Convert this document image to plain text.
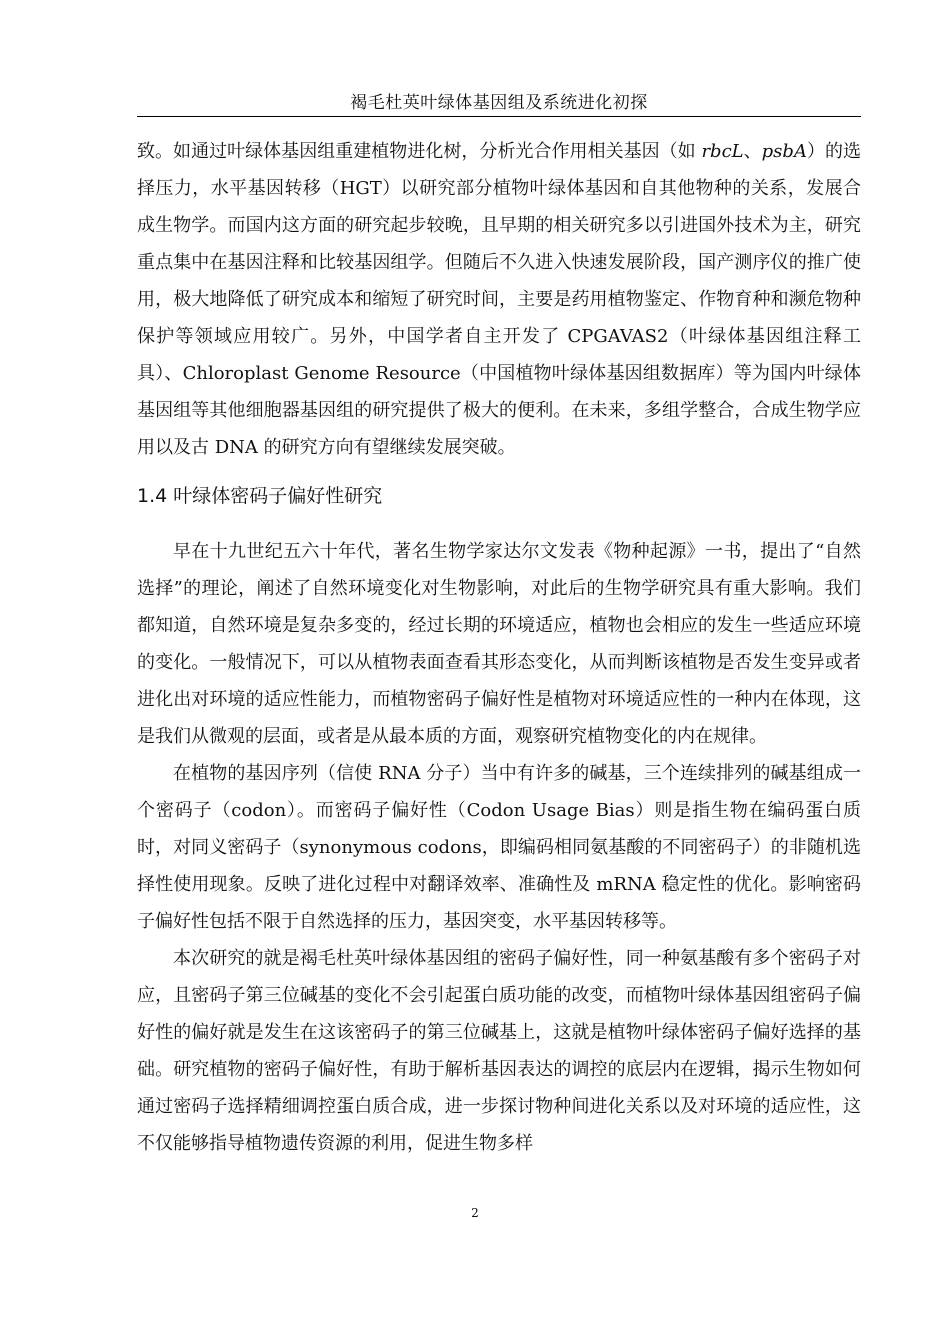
褐毛杜英叶绿体基因组及系统进化初探

致。如通过叶绿体基因组重建植物进化树，分析光合作用相关基因（如 rbcL、psbA）的选择压力，水平基因转移（HGT）以研究部分植物叶绿体基因和自其他物种的关系，发展合成生物学。而国内这方面的研究起步较晚，且早期的相关研究多以引进国外技术为主，研究重点集中在基因注释和比较基因组学。但随后不久进入快速发展阶段，国产测序仪的推广使用，极大地降低了研究成本和缩短了研究时间，主要是药用植物鉴定、作物育种和濒危物种保护等领域应用较广。另外，中国学者自主开发了 CPGAVAS2（叶绿体基因组注释工具）、Chloroplast Genome Resource（中国植物叶绿体基因组数据库）等为国内叶绿体基因组等其他细胞器基因组的研究提供了极大的便利。在未来，多组学整合，合成生物学应用以及古 DNA 的研究方向有望继续发展突破。

1.4 叶绿体密码子偏好性研究

早在十九世纪五六十年代，著名生物学家达尔文发表《物种起源》一书，提出了“自然选择”的理论，阐述了自然环境变化对生物影响，对此后的生物学研究具有重大影响。我们都知道，自然环境是复杂多变的，经过长期的环境适应，植物也会相应的发生一些适应环境的变化。一般情况下，可以从植物表面查看其形态变化，从而判断该植物是否发生变异或者进化出对环境的适应性能力，而植物密码子偏好性是植物对环境适应性的一种内在体现，这是我们从微观的层面，或者是从最本质的方面，观察研究植物变化的内在规律。

在植物的基因序列（信使 RNA 分子）当中有许多的碱基，三个连续排列的碱基组成一个密码子（codon）。而密码子偏好性（Codon Usage Bias）则是指生物在编码蛋白质时，对同义密码子（synonymous codons，即编码相同氨基酸的不同密码子）的非随机选择性使用现象。反映了进化过程中对翻译效率、准确性及 mRNA 稳定性的优化。影响密码子偏好性包括不限于自然选择的压力，基因突变，水平基因转移等。

本次研究的就是褐毛杜英叶绿体基因组的密码子偏好性，同一种氨基酸有多个密码子对应，且密码子第三位碱基的变化不会引起蛋白质功能的改变，而植物叶绿体基因组密码子偏好性的偏好就是发生在这该密码子的第三位碱基上，这就是植物叶绿体密码子偏好选择的基础。研究植物的密码子偏好性，有助于解析基因表达的调控的底层内在逻辑，揭示生物如何通过密码子选择精细调控蛋白质合成，进一步探讨物种间进化关系以及对环境的适应性，这不仅能够指导植物遗传资源的利用，促进生物多样

2
